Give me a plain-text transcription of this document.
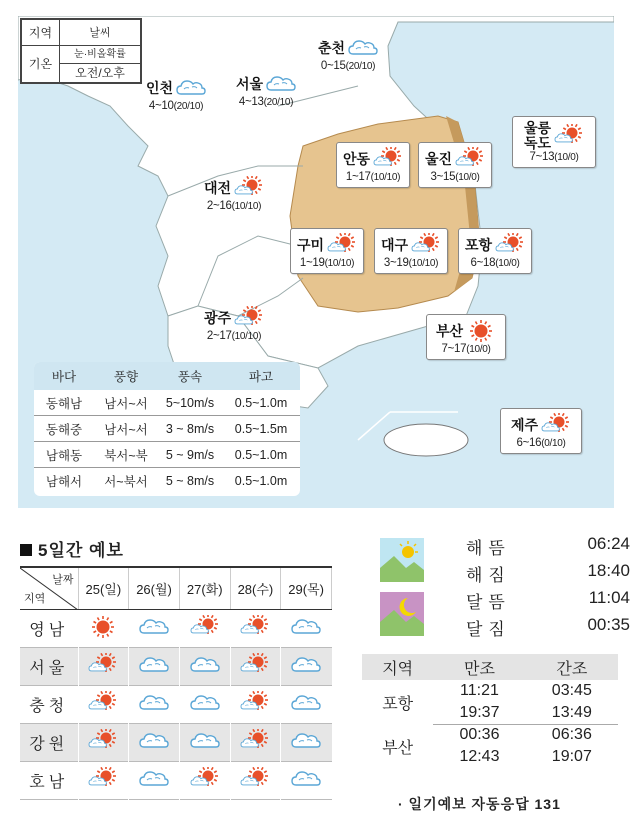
지역	날씨
기온	눈·비올확률
	오전/오후
춘천
0~15(20/10)
인천
4~10(20/10)
서울
4~13(20/10)
울릉
독도
7~13(10/0)
안동
1~17(10/10)
울진
3~15(10/0)
대전
2~16(10/10)
구미
1~19(10/10)
대구
3~19(10/10)
포항
6~18(10/0)
광주
2~17(10/10)	부산
7~17(10/0)
제주
6~16(0/10)
바다	풍향	풍속	파고
동해남	남서~서	5~10m/s	0.5~1.0m
동해중	남서~서	3 ~ 8m/s	0.5~1.5m
남해동	북서~북	5 ~ 9m/s	0.5~1.0m
남해서	서~북서	5 ~ 8m/s	0.5~1.0m
5일간 예보
날짜
지역	25(일)	26(월)	27(화)	28(수)	29(목)
영남	

서울	

충청	

강원	

호남	

해뜸	06:24
해짐	18:40
달뜸	11:04
달짐	00:35
지역	만조	간조
포항	11:21	03:45
	19:37	13:49
부산	00:36	06:36
	12:43	19:07
· 일기예보 자동응답 131
